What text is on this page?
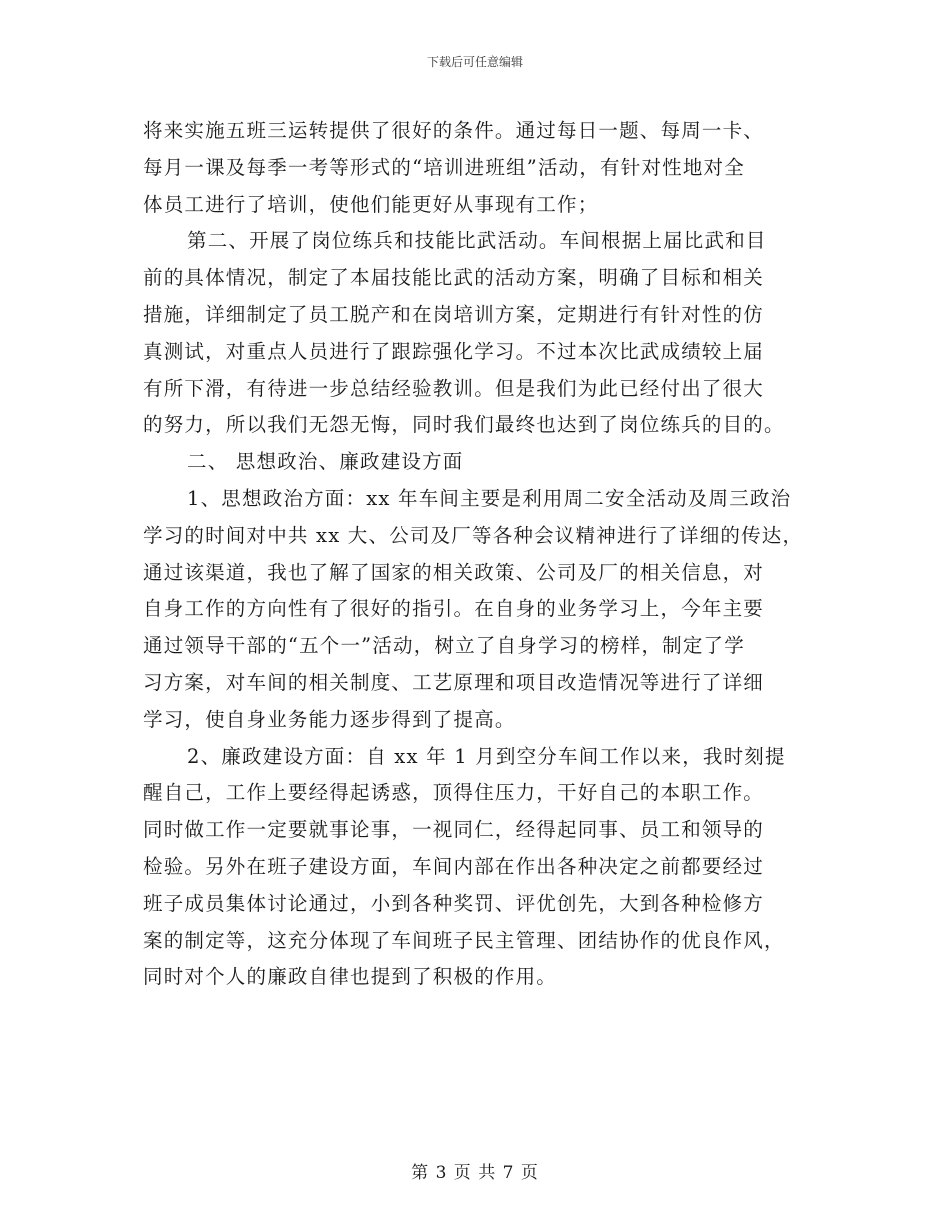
下载后可任意编辑
将来实施五班三运转提供了很好的条件。通过每日一题、每周一卡、
每月一课及每季一考等形式的“培训进班组”活动，有针对性地对全
体员工进行了培训，使他们能更好从事现有工作；
第二、开展了岗位练兵和技能比武活动。车间根据上届比武和目
前的具体情况，制定了本届技能比武的活动方案，明确了目标和相关
措施，详细制定了员工脱产和在岗培训方案，定期进行有针对性的仿
真测试，对重点人员进行了跟踪强化学习。不过本次比武成绩较上届
有所下滑，有待进一步总结经验教训。但是我们为此已经付出了很大
的努力，所以我们无怨无悔，同时我们最终也达到了岗位练兵的目的。
二、 思想政治、廉政建设方面
1、思想政治方面：xx 年车间主要是利用周二安全活动及周三政治
学习的时间对中共 xx 大、公司及厂等各种会议精神进行了详细的传达，
通过该渠道，我也了解了国家的相关政策、公司及厂的相关信息，对
自身工作的方向性有了很好的指引。在自身的业务学习上，今年主要
通过领导干部的“五个一”活动，树立了自身学习的榜样，制定了学
习方案，对车间的相关制度、工艺原理和项目改造情况等进行了详细
学习，使自身业务能力逐步得到了提高。
2、廉政建设方面：自 xx 年 1 月到空分车间工作以来，我时刻提
醒自己，工作上要经得起诱惑，顶得住压力，干好自己的本职工作。
同时做工作一定要就事论事，一视同仁，经得起同事、员工和领导的
检验。另外在班子建设方面，车间内部在作出各种决定之前都要经过
班子成员集体讨论通过，小到各种奖罚、评优创先，大到各种检修方
案的制定等，这充分体现了车间班子民主管理、团结协作的优良作风，
同时对个人的廉政自律也提到了积极的作用。
第 3 页 共 7 页
